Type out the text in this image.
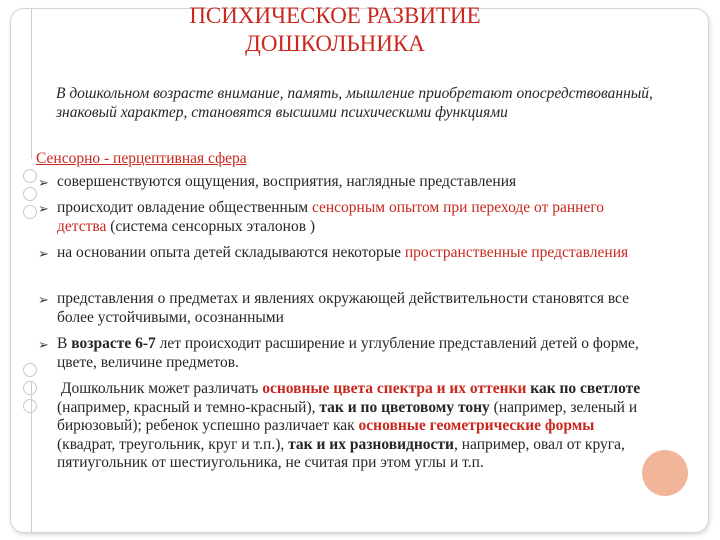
ПСИХИЧЕСКОЕ РАЗВИТИЕ
ДОШКОЛЬНИКА
В дошкольном возрасте внимание, память, мышление приобретают опосредствованный, знаковый характер, становятся высшими психическими функциями
Сенсорно - перцептивная сфера
➢ совершенствуются ощущения, восприятия, наглядные представления
➢ происходит овладение общественным сенсорным опытом при переходе от раннего детства (система сенсорных эталонов )
➢ на основании опыта детей складываются некоторые пространственные представления
➢ представления о предметах и явлениях окружающей действительности становятся все более устойчивыми, осознанными
➢ В возрасте 6-7 лет происходит расширение и углубление представлений детей о форме, цвете, величине предметов.
Дошкольник может различать основные цвета спектра и их оттенки как по светлоте (например, красный и темно-красный), так и по цветовому тону (например, зеленый и бирюзовый); ребенок успешно различает как основные геометрические формы (квадрат, треугольник, круг и т.п.), так и их разновидности, например, овал от круга, пятиугольник от шестиугольника, не считая при этом углы и т.п.
